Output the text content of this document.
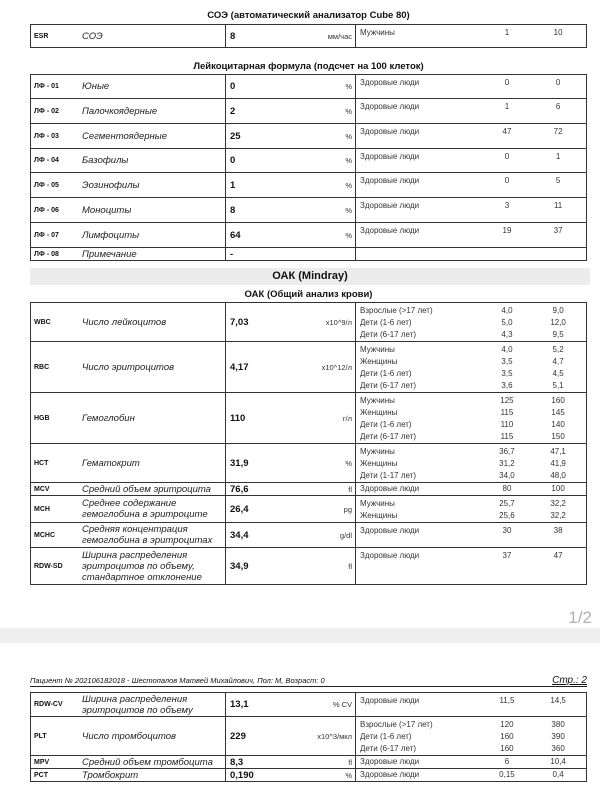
СОЭ (автоматический анализатор Cube 80)
ESR	СОЭ	8	мм/час	Мужчины	1	10
Лейкоцитарная формула (подсчет на 100 клеток)
ЛФ - 01	Юные	0	%	Здоровые люди 0 0

ЛФ - 02	Палочкоядерные	2	%	Здоровые люди 1 6

ЛФ - 03	Сегментоядерные	25	%	Здоровые люди 47 72

ЛФ - 04	Базофилы	0	%	Здоровые люди 0 1

ЛФ - 05	Эозинофилы	1	%	Здоровые люди 0 5

ЛФ - 06	Моноциты	8	%	Здоровые люди 3 11

ЛФ - 07	Лимфоциты	64	%	Здоровые люди 19 37

ЛФ - 08	Примечание	-		
ОАК (Mindray)
ОАК (Общий анализ крови)
WBC	Число лейкоцитов	7,03	x10^9/л	
Взрослые (>17 лет)	4,0	9,0
Дети (1-6 лет)	5,0	12,0
Дети (6-17 лет)	4,3	9,5

RBC	Число эритроцитов	4,17	x10^12/л	
Мужчины	4,0	5,2
Женщины	3,5	4,7
Дети (1-6 лет)	3,5	4,5
Дети (6-17 лет)	3,6	5,1

HGB	Гемоглобин	110	г/л	
Мужчины	125	160
Женщины	115	145
Дети (1-6 лет)	110	140
Дети (6-17 лет)	115	150

HCT	Гематокрит	31,9	%	
Мужчины	36,7	47,1
Женщины	31,2	41,9
Дети (1-17 лет)	34,0	48,0

MCV	Средний объем эритроцита	76,6	fl	Здоровые люди 80 100

MCH	Среднее содержание гемоглобина в эритроците	26,4	pg	
Мужчины	25,7	32,2
Женщины	25,6	32,2

MCHC	Средняя концентрация гемоглобина в эритроцитах	34,4	g/dl	Здоровые люди 30 38

RDW-SD	Ширина распределения эритроцитов по объему, стандартное отклонение	34,9	fl	Здоровые люди 37 47
1/2
Пациент № 202106182018 - Шестопалов Матвей Михайлович, Пол: М, Возраст: 0	Стр.: 2
RDW-CV	Ширина распределения эритроцитов по объему	13,1	% CV	Здоровые люди 11,5 14,5

PLT	Число тромбоцитов	229	x10^3/мкл	
Взрослые (>17 лет)	120	380
Дети (1-6 лет)	160	390
Дети (6-17 лет)	160	360

MPV	Средний объем тромбоцита	8,3	fl	Здоровые люди 6 10,4

PCT	Тромбокрит	0,190	%	Здоровые люди 0,15 0,4
